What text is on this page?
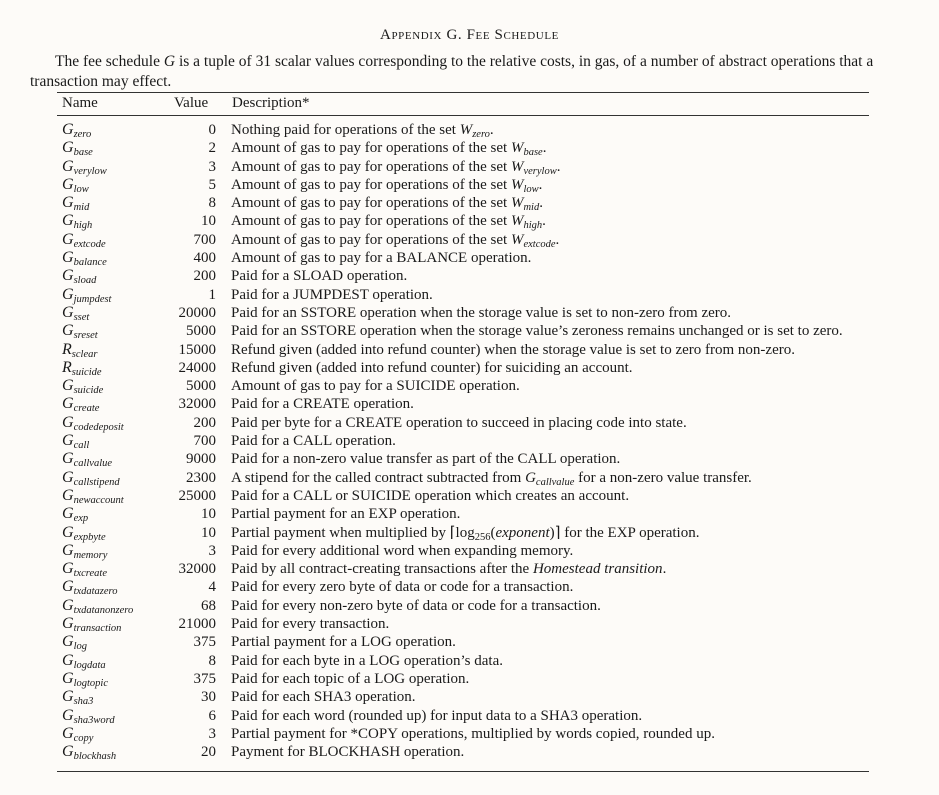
Appendix G. Fee Schedule
The fee schedule G is a tuple of 31 scalar values corresponding to the relative costs, in gas, of a number of abstract operations that a transaction may effect.
Name	Value Description*
$G_{zero}$	0 Nothing paid for operations of the set $W_{zero}$.
$G_{base}$	2 Amount of gas to pay for operations of the set $W_{base}$.
$G_{verylow}$	3 Amount of gas to pay for operations of the set $W_{verylow}$.
$G_{low}$	5 Amount of gas to pay for operations of the set $W_{low}$.
$G_{mid}$	8 Amount of gas to pay for operations of the set $W_{mid}$.
$G_{high}$	10 Amount of gas to pay for operations of the set $W_{high}$.
$G_{extcode}$	700 Amount of gas to pay for operations of the set $W_{extcode}$.
$G_{balance}$	400 Amount of gas to pay for a BALANCE operation.
$G_{sload}$	200 Paid for a SLOAD operation.
$G_{jumpdest}$	1 Paid for a JUMPDEST operation.
$G_{sset}$	20000 Paid for an SSTORE operation when the storage value is set to non-zero from zero.
$G_{sreset}$	5000 Paid for an SSTORE operation when the storage value’s zeroness remains unchanged or is set to zero.
$R_{sclear}$	15000 Refund given (added into refund counter) when the storage value is set to zero from non-zero.
$R_{suicide}$	24000 Refund given (added into refund counter) for suiciding an account.
$G_{suicide}$	5000 Amount of gas to pay for a SUICIDE operation.
$G_{create}$	32000 Paid for a CREATE operation.
$G_{codedeposit}$	200 Paid per byte for a CREATE operation to succeed in placing code into state.
$G_{call}$	700 Paid for a CALL operation.
$G_{callvalue}$	9000 Paid for a non-zero value transfer as part of the CALL operation.
$G_{callstipend}$	2300 A stipend for the called contract subtracted from $G_{callvalue}$ for a non-zero value transfer.
$G_{newaccount}$	25000 Paid for a CALL or SUICIDE operation which creates an account.
$G_{exp}$	10 Partial payment for an EXP operation.
$G_{expbyte}$	10 Partial payment when multiplied by $⌈\log_{256}(exponent)⌉$ for the EXP operation.
$G_{memory}$	3 Paid for every additional word when expanding memory.
$G_{txcreate}$	32000 Paid by all contract-creating transactions after the Homestead transition.
$G_{txdatazero}$	4 Paid for every zero byte of data or code for a transaction.
$G_{txdatanonzero}$	68 Paid for every non-zero byte of data or code for a transaction.
$G_{transaction}$	21000 Paid for every transaction.
$G_{log}$	375 Partial payment for a LOG operation.
$G_{logdata}$	8 Paid for each byte in a LOG operation’s data.
$G_{logtopic}$	375 Paid for each topic of a LOG operation.
$G_{sha3}$	30 Paid for each SHA3 operation.
$G_{sha3word}$	6 Paid for each word (rounded up) for input data to a SHA3 operation.
$G_{copy}$	3 Partial payment for *COPY operations, multiplied by words copied, rounded up.
$G_{blockhash}$	20 Payment for BLOCKHASH operation.
